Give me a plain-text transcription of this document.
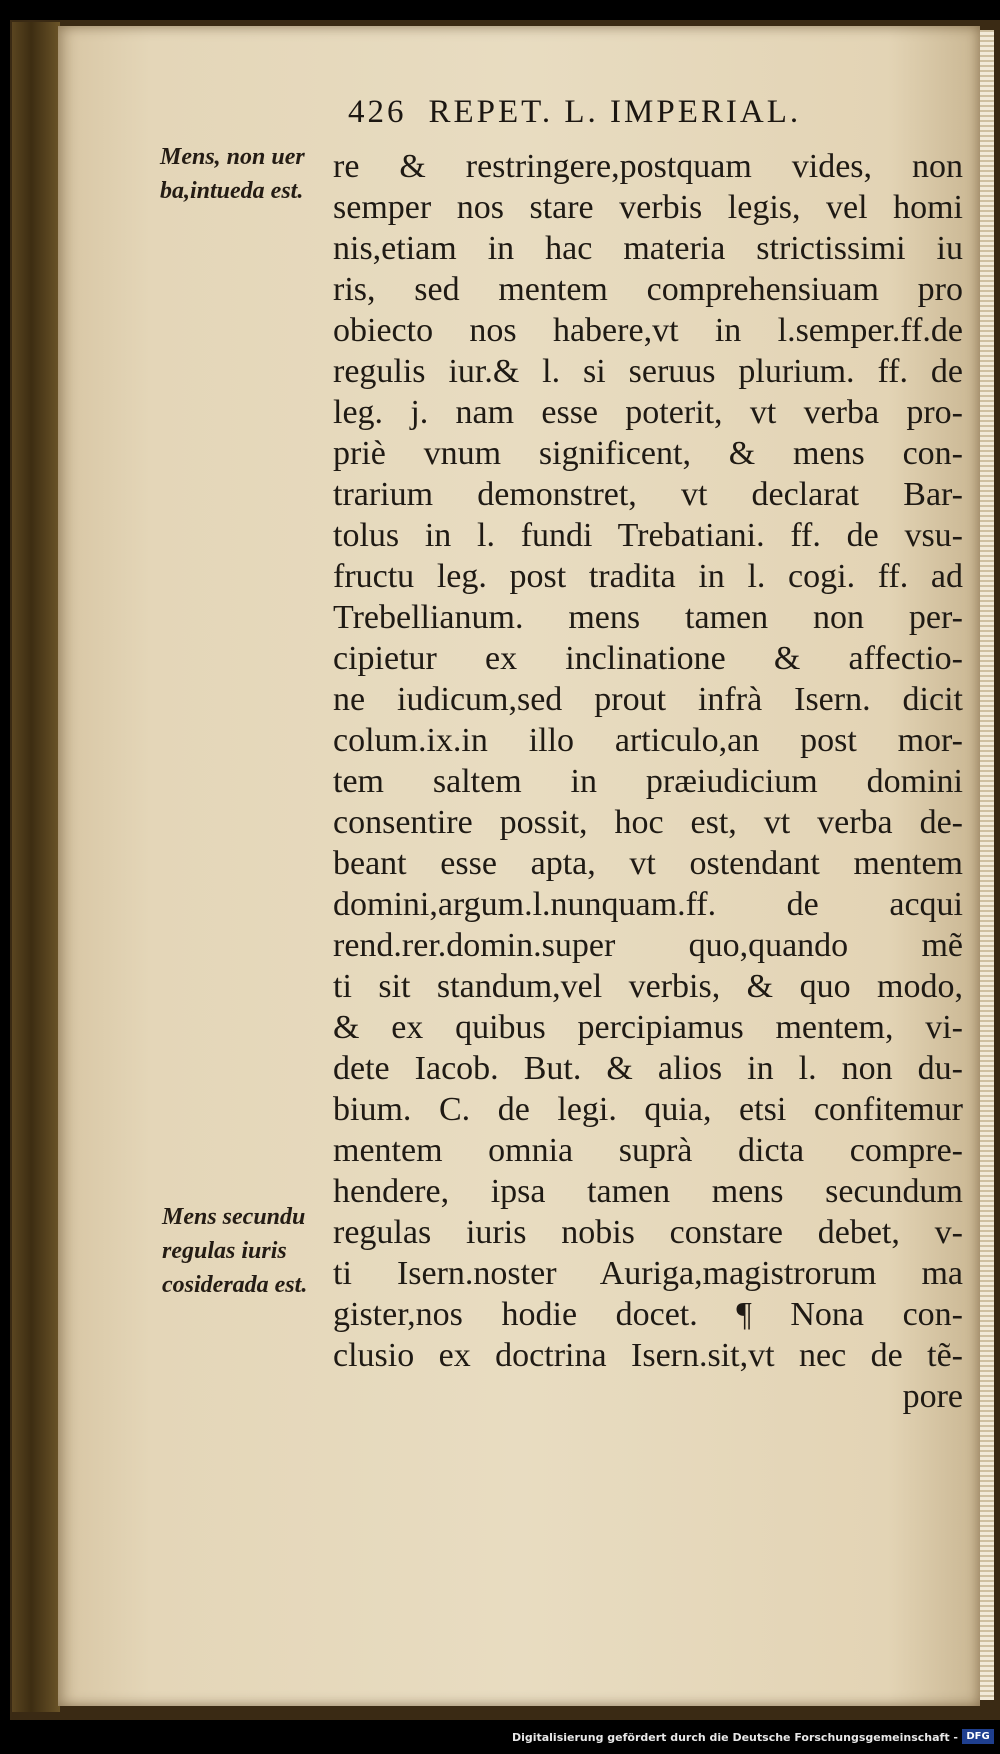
426 REPET. L. IMPERIAL.
Mens, non uer
ba,intueda est.
Mens secundu
regulas iuris
cosiderada est.
re & restringere,postquam vides, non
semper nos stare verbis legis, vel homi
nis,etiam in hac materia strictissimi iu
ris, sed mentem comprehensiuam pro
obiecto nos habere,vt in l.semper.ff.de
regulis iur.& l. si seruus plurium. ff. de
leg. j. nam esse poterit, vt verba pro-
priè vnum significent, & mens con-
trarium demonstret, vt declarat Bar-
tolus in l. fundi Trebatiani. ff. de vsu-
fructu leg. post tradita in l. cogi. ff. ad
Trebellianum. mens tamen non per-
cipietur ex inclinatione & affectio-
ne iudicum,sed prout infrà Isern. dicit
colum.ix.in illo articulo,an post mor-
tem saltem in præiudicium domini
consentire possit, hoc est, vt verba de-
beant esse apta, vt ostendant mentem
domini,argum.l.nunquam.ff. de acqui
rend.rer.domin.super quo,quando mẽ
ti sit standum,vel verbis, & quo modo,
& ex quibus percipiamus mentem, vi-
dete Iacob. But. & alios in l. non du-
bium. C. de legi. quia, etsi confitemur
mentem omnia suprà dicta compre-
hendere, ipsa tamen mens secundum
regulas iuris nobis constare debet, v-
ti Isern.noster Auriga,magistrorum ma
gister,nos hodie docet. ¶ Nona con-
clusio ex doctrina Isern.sit,vt nec de tẽ-
pore
Digitalisierung gefördert durch die Deutsche Forschungsgemeinschaft - DFG
